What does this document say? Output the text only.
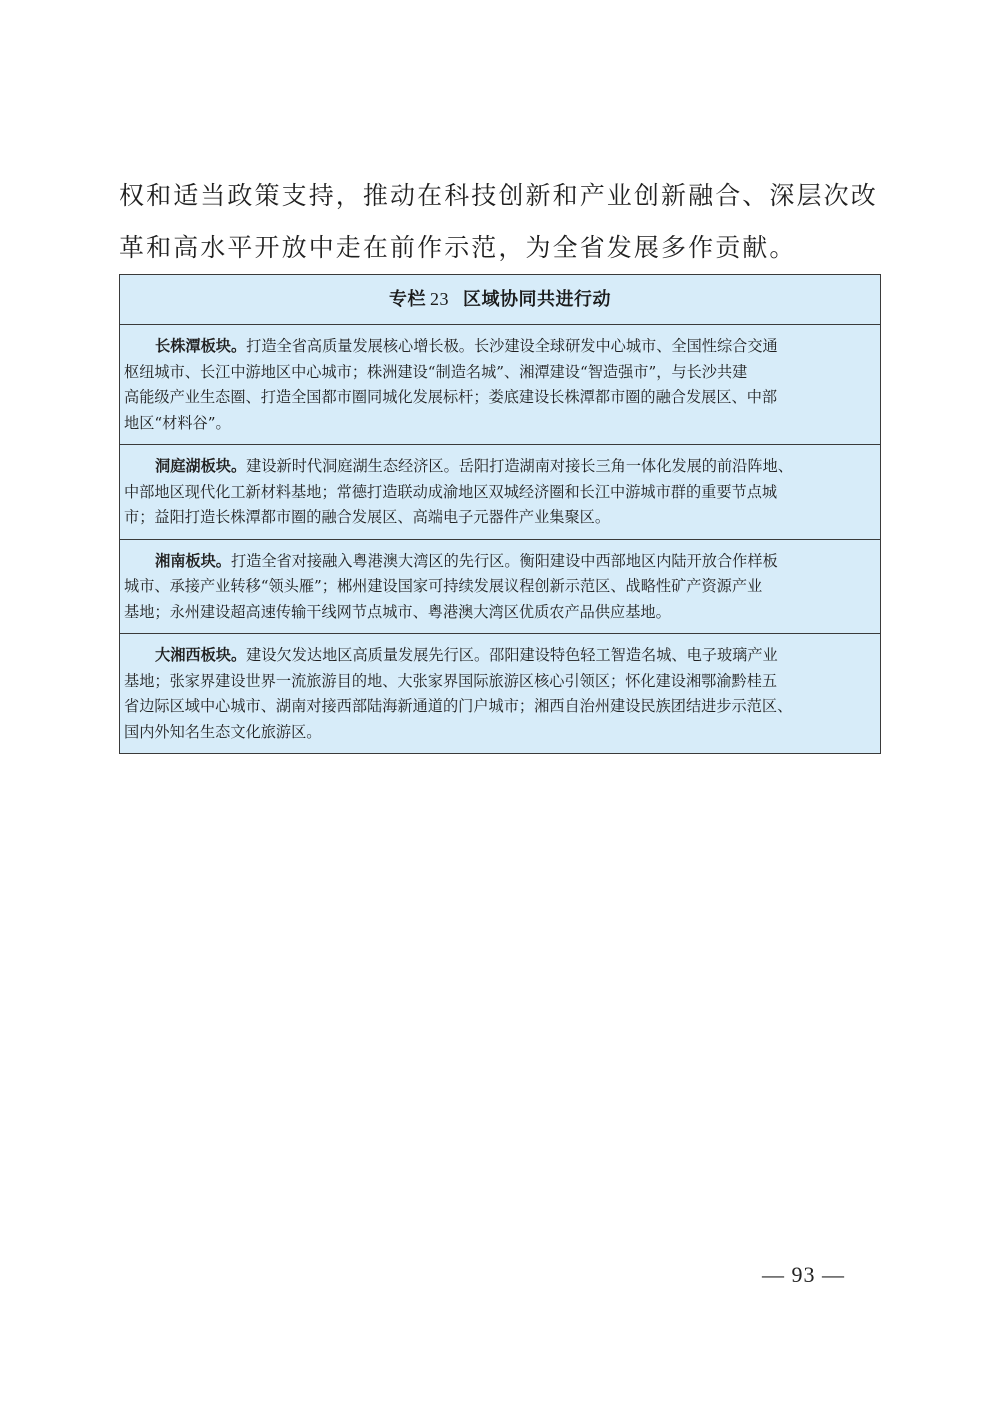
权和适当政策支持，推动在科技创新和产业创新融合、深层次改

革和高水平开放中走在前作示范，为全省发展多作贡献。

专栏 23 区域协同共进行动
长株潭板块。打造全省高质量发展核心增长极。长沙建设全球研发中心城市、全国性综合交通
枢纽城市、长江中游地区中心城市；株洲建设“制造名城”、湘潭建设“智造强市”，与长沙共建
高能级产业生态圈、打造全国都市圈同城化发展标杆；娄底建设长株潭都市圈的融合发展区、中部
地区“材料谷”。
洞庭湖板块。建设新时代洞庭湖生态经济区。岳阳打造湖南对接长三角一体化发展的前沿阵地、
中部地区现代化工新材料基地；常德打造联动成渝地区双城经济圈和长江中游城市群的重要节点城
市；益阳打造长株潭都市圈的融合发展区、高端电子元器件产业集聚区。
湘南板块。打造全省对接融入粤港澳大湾区的先行区。衡阳建设中西部地区内陆开放合作样板
城市、承接产业转移“领头雁”；郴州建设国家可持续发展议程创新示范区、战略性矿产资源产业
基地；永州建设超高速传输干线网节点城市、粤港澳大湾区优质农产品供应基地。
大湘西板块。建设欠发达地区高质量发展先行区。邵阳建设特色轻工智造名城、电子玻璃产业
基地；张家界建设世界一流旅游目的地、大张家界国际旅游区核心引领区；怀化建设湘鄂渝黔桂五
省边际区域中心城市、湖南对接西部陆海新通道的门户城市；湘西自治州建设民族团结进步示范区、
国内外知名生态文化旅游区。
— 93 —
